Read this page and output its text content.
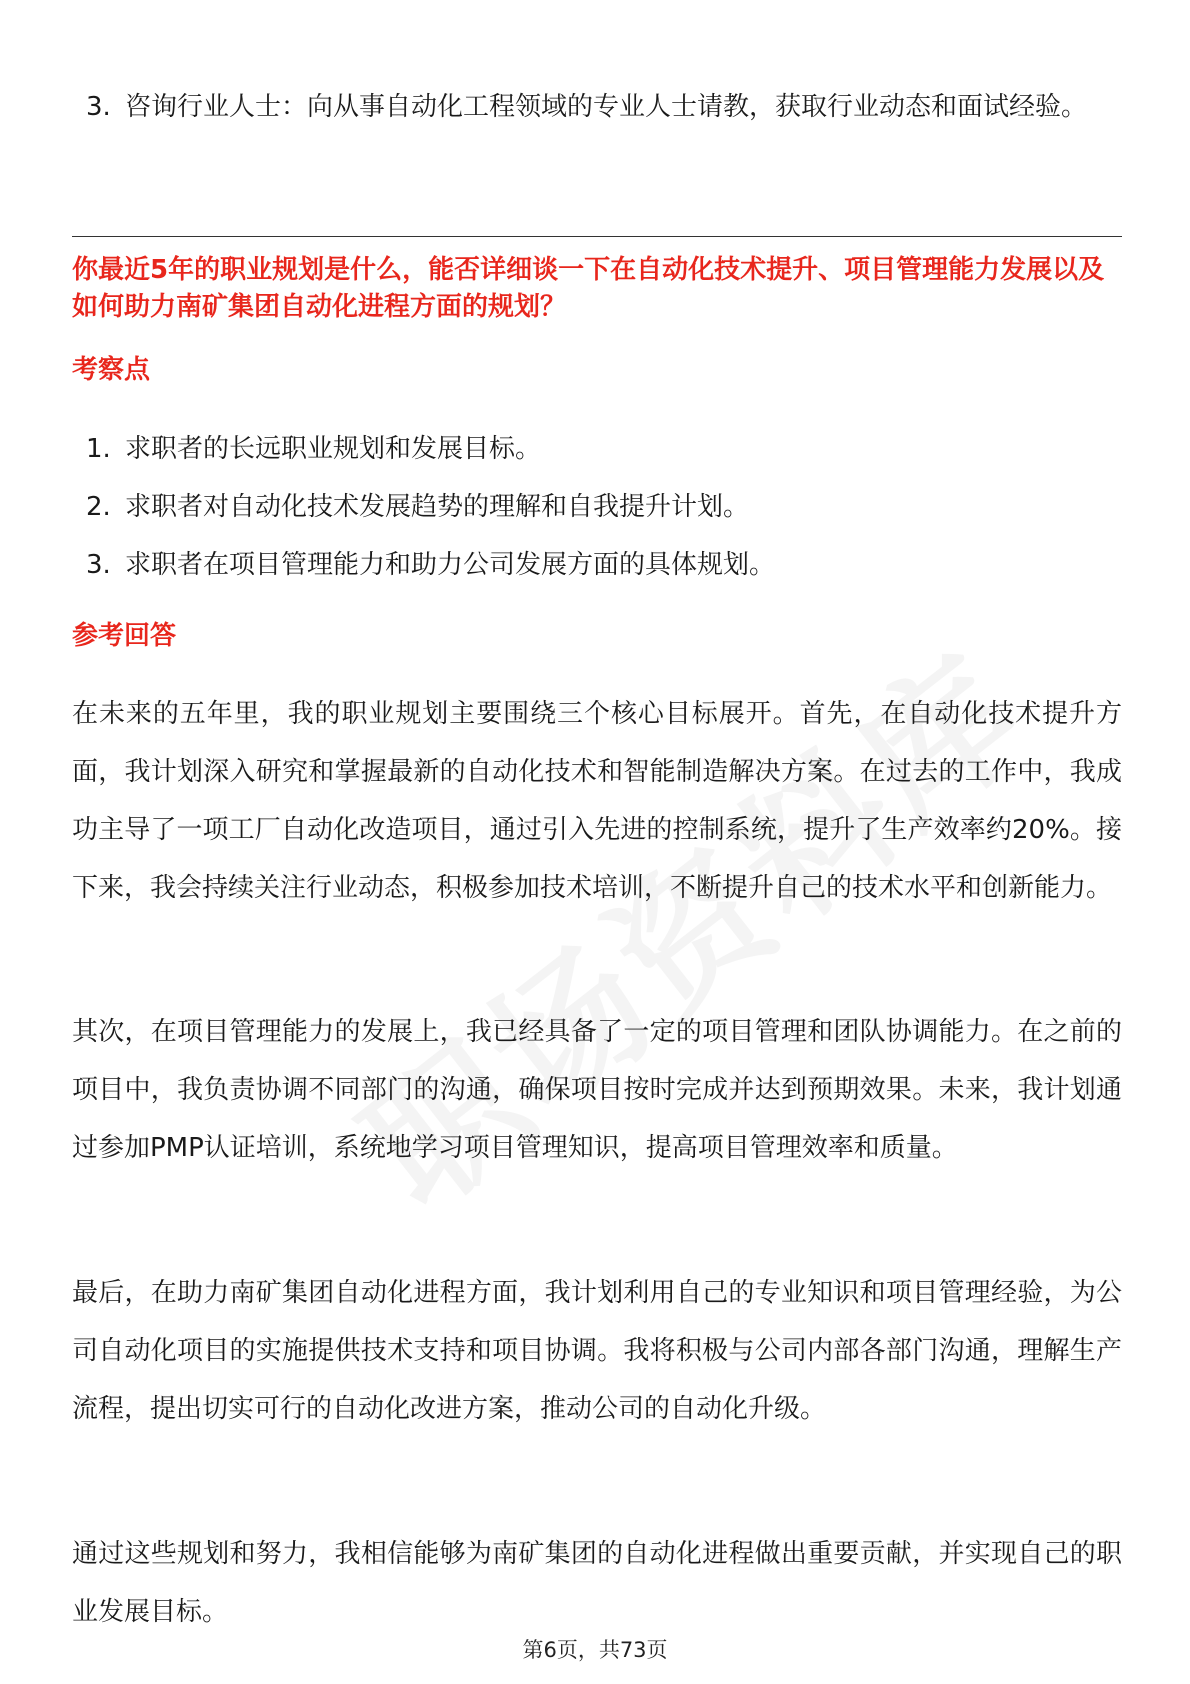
3. 咨询行业人士：向从事自动化工程领域的专业人士请教，获取行业动态和面试经验。
你最近5年的职业规划是什么，能否详细谈一下在自动化技术提升、项目管理能力发展以及如何助力南矿集团自动化进程方面的规划？
考察点
1. 求职者的长远职业规划和发展目标。
2. 求职者对自动化技术发展趋势的理解和自我提升计划。
3. 求职者在项目管理能力和助力公司发展方面的具体规划。
参考回答

在未来的五年里，我的职业规划主要围绕三个核心目标展开。首先，在自动化技术提升方面，我计划深入研究和掌握最新的自动化技术和智能制造解决方案。在过去的工作中，我成功主导了一项工厂自动化改造项目，通过引入先进的控制系统，提升了生产效率约20%。接下来，我会持续关注行业动态，积极参加技术培训，不断提升自己的技术水平和创新能力。

其次，在项目管理能力的发展上，我已经具备了一定的项目管理和团队协调能力。在之前的项目中，我负责协调不同部门的沟通，确保项目按时完成并达到预期效果。未来，我计划通过参加PMP认证培训，系统地学习项目管理知识，提高项目管理效率和质量。

最后，在助力南矿集团自动化进程方面，我计划利用自己的专业知识和项目管理经验，为公司自动化项目的实施提供技术支持和项目协调。我将积极与公司内部各部门沟通，理解生产流程，提出切实可行的自动化改进方案，推动公司的自动化升级。

通过这些规划和努力，我相信能够为南矿集团的自动化进程做出重要贡献，并实现自己的职业发展目标。

第6页，共73页
